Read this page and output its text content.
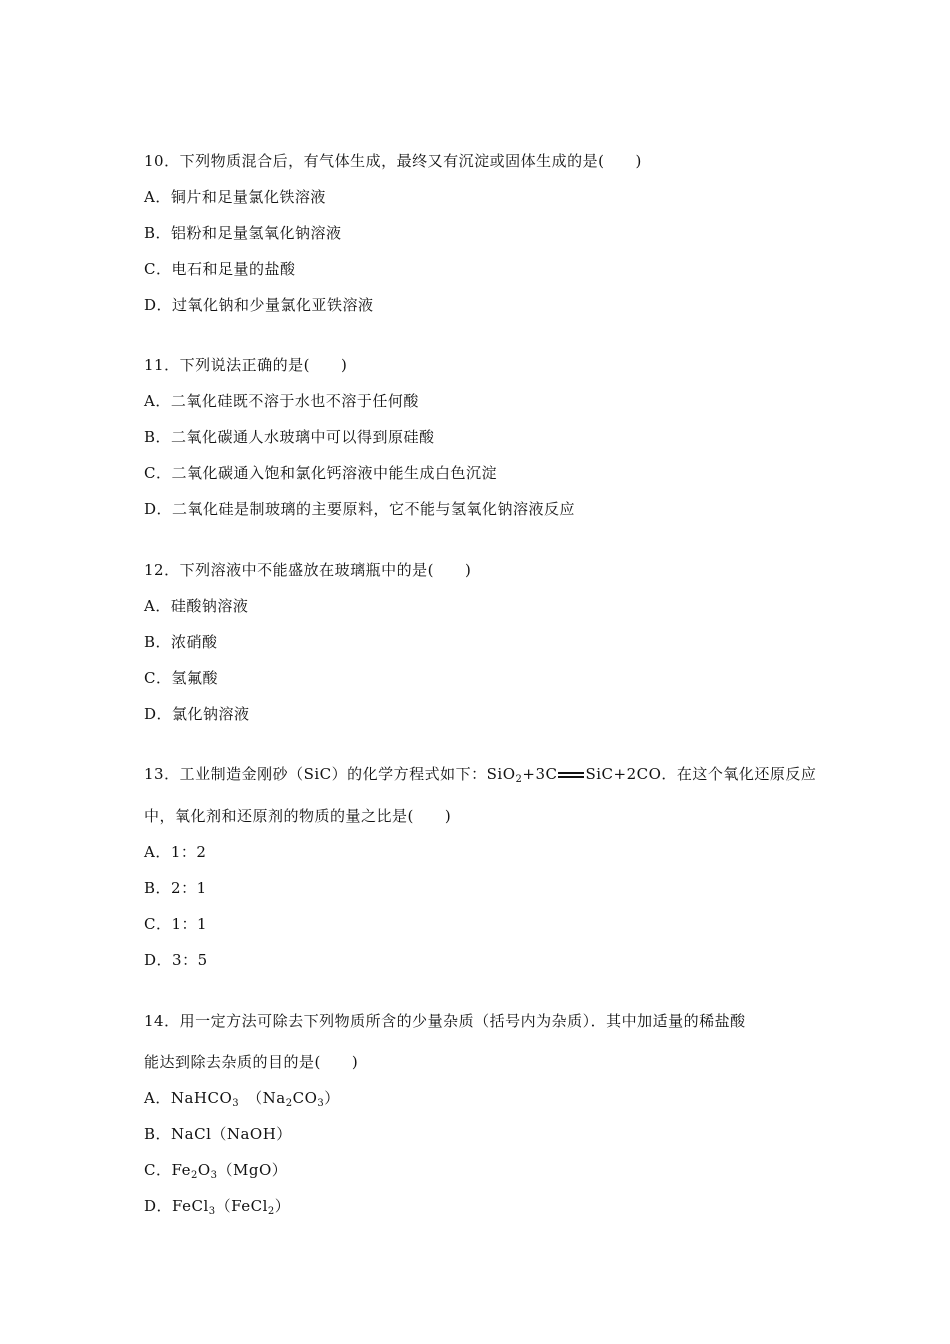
10．下列物质混合后，有气体生成，最终又有沉淀或固体生成的是(　　)
A．铜片和足量氯化铁溶液
B．铝粉和足量氢氧化钠溶液
C．电石和足量的盐酸
D．过氧化钠和少量氯化亚铁溶液
11．下列说法正确的是(　　)
A．二氧化硅既不溶于水也不溶于任何酸
B．二氧化碳通人水玻璃中可以得到原硅酸
C．二氧化碳通入饱和氯化钙溶液中能生成白色沉淀
D．二氧化硅是制玻璃的主要原料，它不能与氢氧化钠溶液反应
12．下列溶液中不能盛放在玻璃瓶中的是(　　)
A．硅酸钠溶液
B．浓硝酸
C．氢氟酸
D．氯化钠溶液
13．工业制造金刚砂（SiC）的化学方程式如下：SiO$_2$+3C SiC+2CO．在这个氧化还原反应
中，氧化剂和还原剂的物质的量之比是(　　)
A．1：2
B．2：1
C．1：1
D．3：5
14．用一定方法可除去下列物质所含的少量杂质（括号内为杂质）．其中加适量的稀盐酸
能达到除去杂质的目的是(　　)
A．NaHCO$_3$ $(Na_2CO_3)$
B．NaCl（NaOH）
C．$Fe_2O_3(MgO)$
D．FeCl$_3$（FeCl$_2$）
